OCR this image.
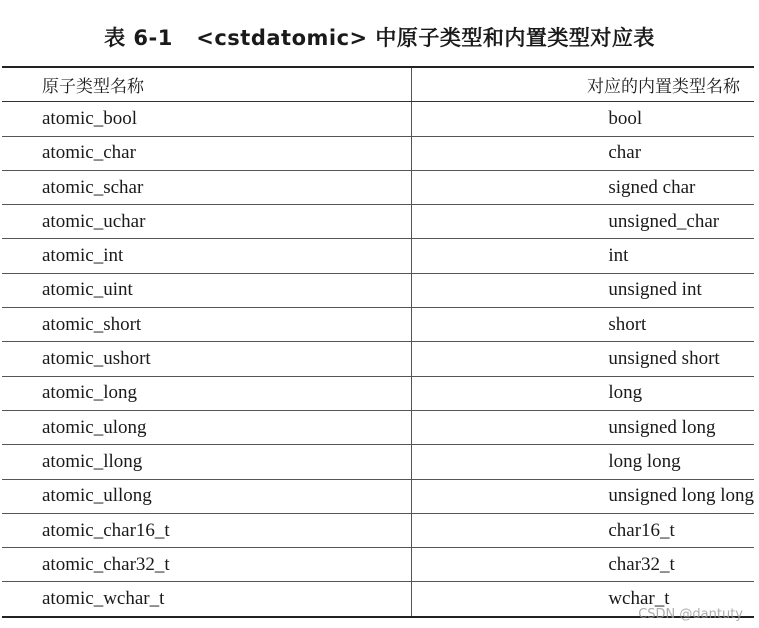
表 6-1   <cstdatomic> 中原子类型和内置类型对应表
原子类型名称	对应的内置类型名称
atomic_bool	bool
atomic_char	char
atomic_schar	signed char
atomic_uchar	unsigned_char
atomic_int	int
atomic_uint	unsigned int
atomic_short	short
atomic_ushort	unsigned short
atomic_long	long
atomic_ulong	unsigned long
atomic_llong	long long
atomic_ullong	unsigned long long
atomic_char16_t	char16_t
atomic_char32_t	char32_t
atomic_wchar_t	wchar_t
CSDN @dantuty
